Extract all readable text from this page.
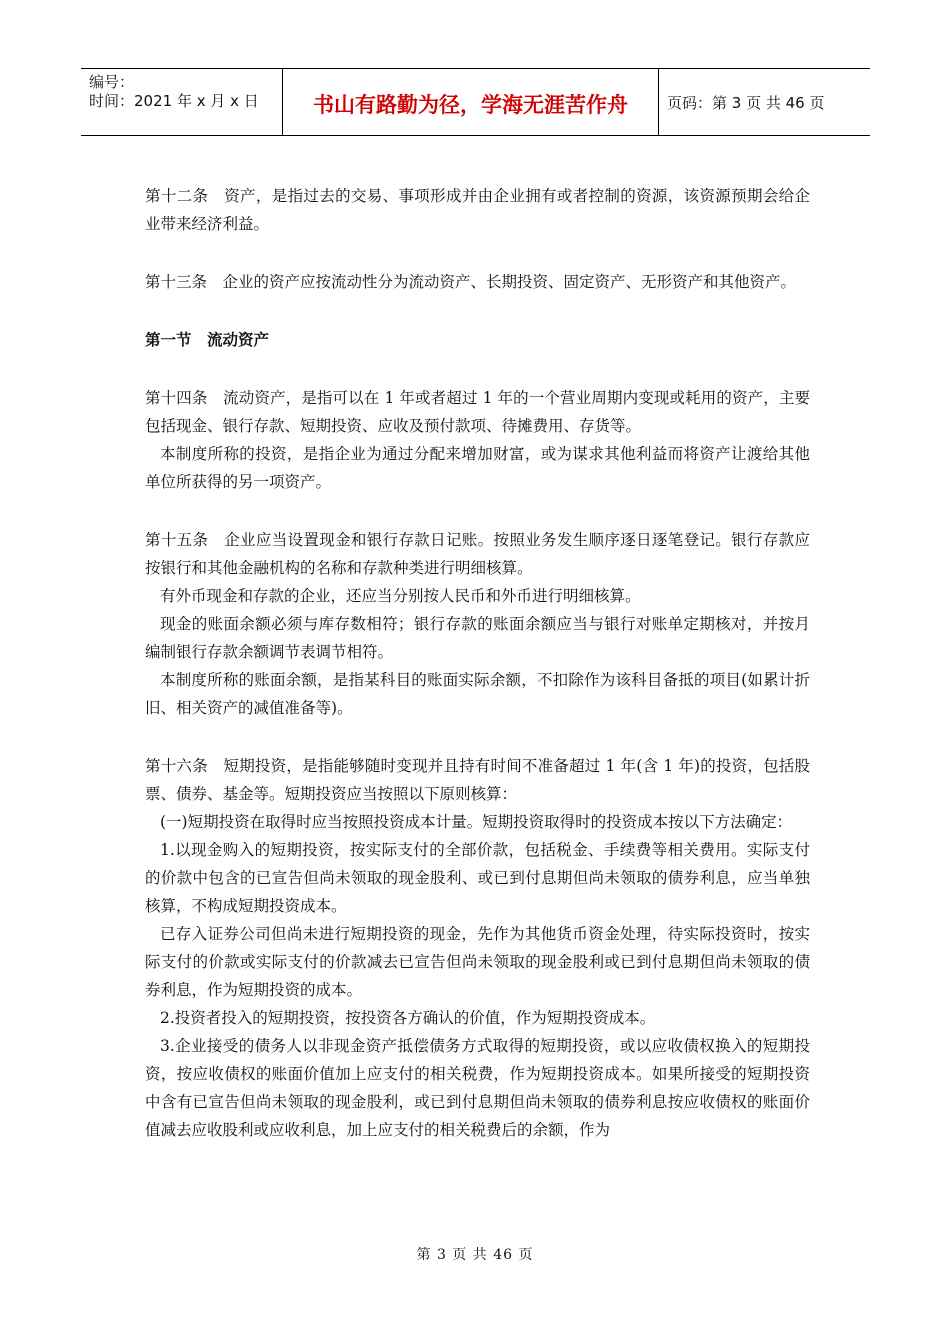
编号：
时间：2021 年 x 月 x 日	书山有路勤为径，学海无涯苦作舟	页码：第 3 页 共 46 页

第十二条　资产，是指过去的交易、事项形成并由企业拥有或者控制的资源，该资源预期会给企业带来经济利益。

第十三条　企业的资产应按流动性分为流动资产、长期投资、固定资产、无形资产和其他资产。

第一节　流动资产

第十四条　流动资产，是指可以在 1 年或者超过 1 年的一个营业周期内变现或耗用的资产，主要包括现金、银行存款、短期投资、应收及预付款项、待摊费用、存货等。

本制度所称的投资，是指企业为通过分配来增加财富，或为谋求其他利益而将资产让渡给其他单位所获得的另一项资产。

第十五条　企业应当设置现金和银行存款日记账。按照业务发生顺序逐日逐笔登记。银行存款应按银行和其他金融机构的名称和存款种类进行明细核算。

有外币现金和存款的企业，还应当分别按人民币和外币进行明细核算。

现金的账面余额必须与库存数相符；银行存款的账面余额应当与银行对账单定期核对，并按月编制银行存款余额调节表调节相符。

本制度所称的账面余额，是指某科目的账面实际余额，不扣除作为该科目备抵的项目(如累计折旧、相关资产的减值准备等)。

第十六条　短期投资，是指能够随时变现并且持有时间不准备超过 1 年(含 1 年)的投资，包括股票、债券、基金等。短期投资应当按照以下原则核算：

(一)短期投资在取得时应当按照投资成本计量。短期投资取得时的投资成本按以下方法确定：

1.以现金购入的短期投资，按实际支付的全部价款，包括税金、手续费等相关费用。实际支付的价款中包含的已宣告但尚未领取的现金股利、或已到付息期但尚未领取的债券利息，应当单独核算，不构成短期投资成本。

已存入证券公司但尚未进行短期投资的现金，先作为其他货币资金处理，待实际投资时，按实际支付的价款或实际支付的价款减去已宣告但尚未领取的现金股利或已到付息期但尚未领取的债券利息，作为短期投资的成本。

2.投资者投入的短期投资，按投资各方确认的价值，作为短期投资成本。

3.企业接受的债务人以非现金资产抵偿债务方式取得的短期投资，或以应收债权换入的短期投资，按应收债权的账面价值加上应支付的相关税费，作为短期投资成本。如果所接受的短期投资中含有已宣告但尚未领取的现金股利，或已到付息期但尚未领取的债券利息按应收债权的账面价值减去应收股利或应收利息，加上应支付的相关税费后的余额，作为

第 3 页 共 46 页
